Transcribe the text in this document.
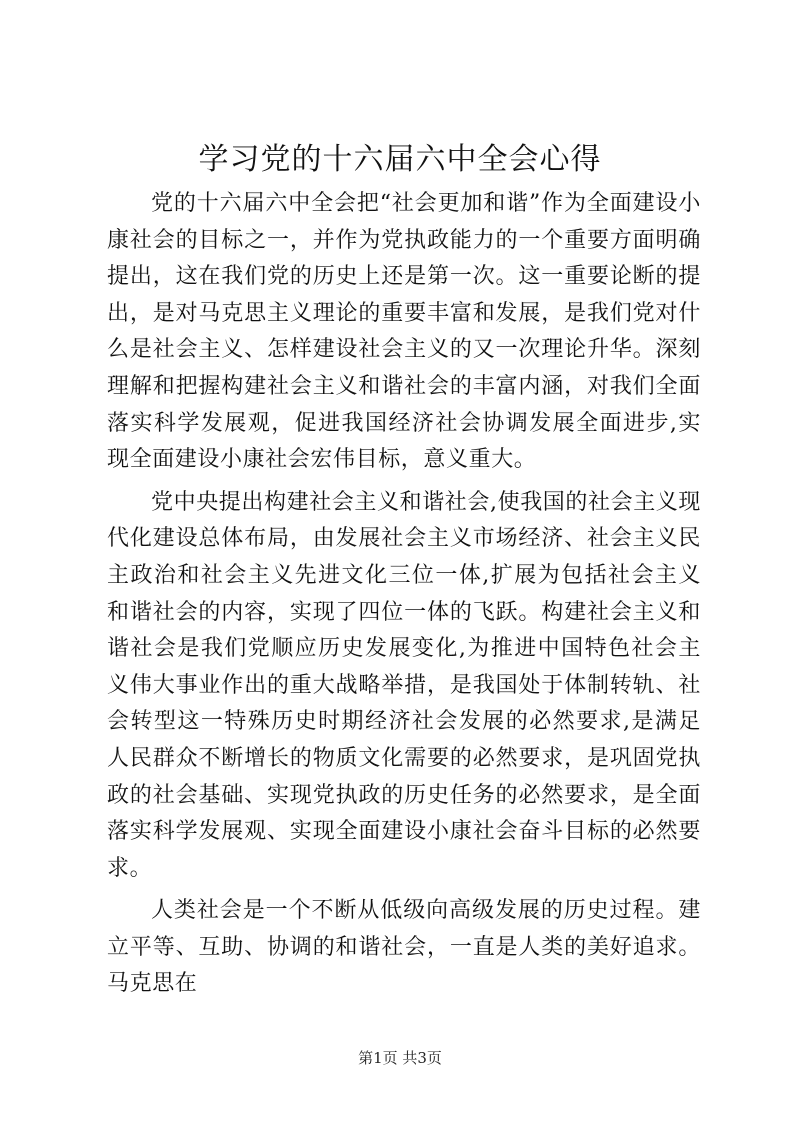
学习党的十六届六中全会心得

党的十六届六中全会把“社会更加和谐”作为全面建设小康社会的目标之一，并作为党执政能力的一个重要方面明确提出，这在我们党的历史上还是第一次。这一重要论断的提出，是对马克思主义理论的重要丰富和发展，是我们党对什么是社会主义、怎样建设社会主义的又一次理论升华。深刻理解和把握构建社会主义和谐社会的丰富内涵，对我们全面落实科学发展观，促进我国经济社会协调发展全面进步,实现全面建设小康社会宏伟目标，意义重大。

党中央提出构建社会主义和谐社会,使我国的社会主义现代化建设总体布局，由发展社会主义市场经济、社会主义民主政治和社会主义先进文化三位一体,扩展为包括社会主义和谐社会的内容，实现了四位一体的飞跃。构建社会主义和谐社会是我们党顺应历史发展变化,为推进中国特色社会主义伟大事业作出的重大战略举措，是我国处于体制转轨、社会转型这一特殊历史时期经济社会发展的必然要求,是满足人民群众不断增长的物质文化需要的必然要求，是巩固党执政的社会基础、实现党执政的历史任务的必然要求，是全面落实科学发展观、实现全面建设小康社会奋斗目标的必然要求。

人类社会是一个不断从低级向高级发展的历史过程。建立平等、互助、协调的和谐社会，一直是人类的美好追求。马克思在

第1页 共3页
